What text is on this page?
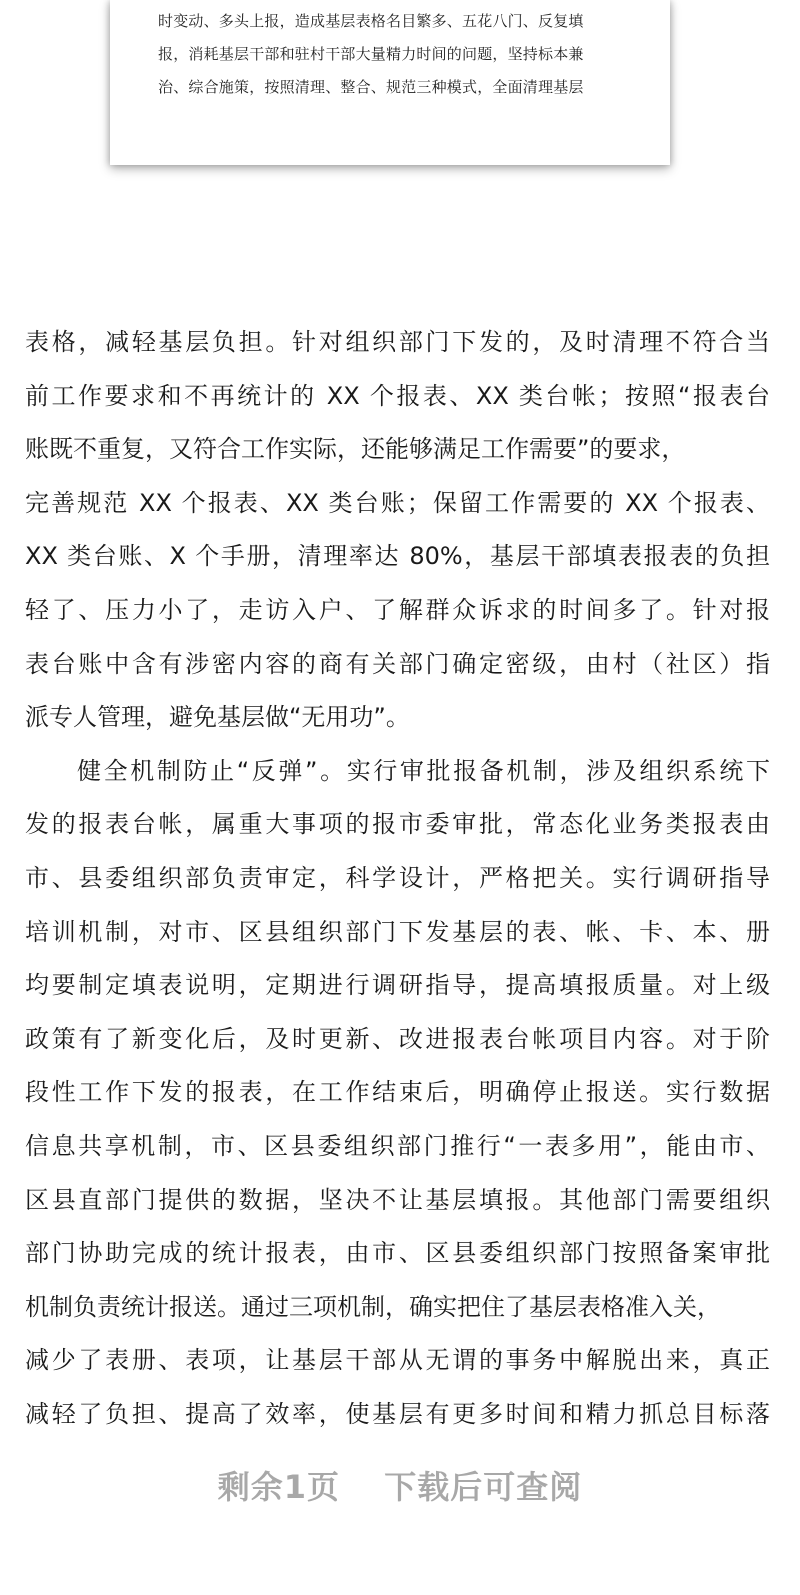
时变动、多头上报，造成基层表格名目繁多、五花八门、反复填
报，消耗基层干部和驻村干部大量精力时间的问题，坚持标本兼
治、综合施策，按照清理、整合、规范三种模式，全面清理基层
表格，减轻基层负担。针对组织部门下发的，及时清理不符合当
前工作要求和不再统计的 XX 个报表、XX 类台帐；按照“报表台
账既不重复，又符合工作实际，还能够满足工作需要”的要求，
完善规范 XX 个报表、XX 类台账；保留工作需要的 XX 个报表、
XX 类台账、X 个手册，清理率达 80%，基层干部填表报表的负担
轻了、压力小了，走访入户、了解群众诉求的时间多了。针对报
表台账中含有涉密内容的商有关部门确定密级，由村（社区）指
派专人管理，避免基层做“无用功”。
健全机制防止“反弹”。实行审批报备机制，涉及组织系统下
发的报表台帐，属重大事项的报市委审批，常态化业务类报表由
市、县委组织部负责审定，科学设计，严格把关。实行调研指导
培训机制，对市、区县组织部门下发基层的表、帐、卡、本、册
均要制定填表说明，定期进行调研指导，提高填报质量。对上级
政策有了新变化后，及时更新、改进报表台帐项目内容。对于阶
段性工作下发的报表，在工作结束后，明确停止报送。实行数据
信息共享机制，市、区县委组织部门推行“一表多用”，能由市、
区县直部门提供的数据，坚决不让基层填报。其他部门需要组织
部门协助完成的统计报表，由市、区县委组织部门按照备案审批
机制负责统计报送。通过三项机制，确实把住了基层表格准入关，
减少了表册、表项，让基层干部从无谓的事务中解脱出来，真正
减轻了负担、提高了效率，使基层有更多时间和精力抓总目标落
剩余1页 下载后可查阅
